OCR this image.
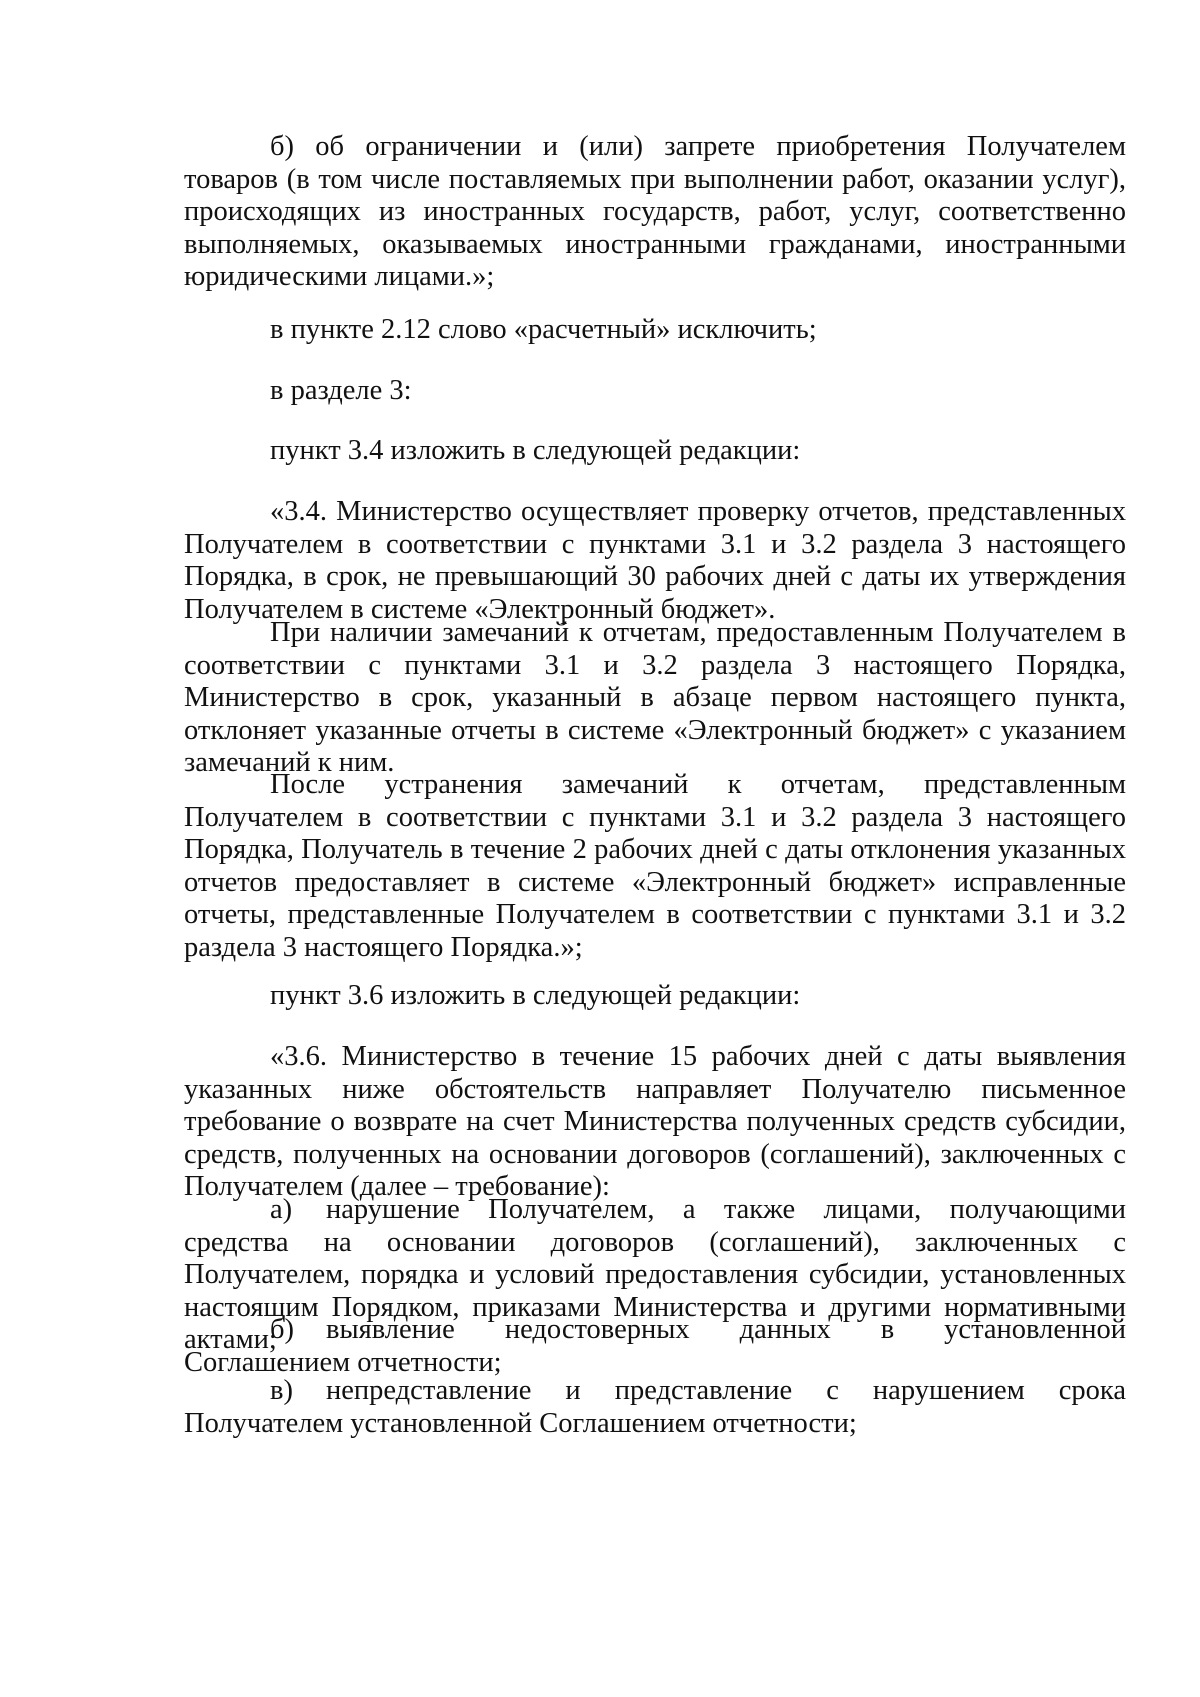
б) об ограничении и (или) запрете приобретения Получателем товаров (в том числе поставляемых при выполнении работ, оказании услуг), происходящих из иностранных государств, работ, услуг, соответственно выполняемых, оказываемых иностранными гражданами, иностранными юридическими лицами.»;

в пункте 2.12 слово «расчетный» исключить;

в разделе 3:

пункт 3.4 изложить в следующей редакции:

«3.4. Министерство осуществляет проверку отчетов, представленных Получателем в соответствии с пунктами 3.1 и 3.2 раздела 3 настоящего Порядка, в срок, не превышающий 30 рабочих дней с даты их утверждения Получателем в системе «Электронный бюджет».

При наличии замечаний к отчетам, предоставленным Получателем в соответствии с пунктами 3.1 и 3.2 раздела 3 настоящего Порядка, Министерство в срок, указанный в абзаце первом настоящего пункта, отклоняет указанные отчеты в системе «Электронный бюджет» с указанием замечаний к ним.

После устранения замечаний к отчетам, представленным Получателем в соответствии с пунктами 3.1 и 3.2 раздела 3 настоящего Порядка, Получатель в течение 2 рабочих дней с даты отклонения указанных отчетов предоставляет в системе «Электронный бюджет» исправленные отчеты, представленные Получателем в соответствии с пунктами 3.1 и 3.2 раздела 3 настоящего Порядка.»;

пункт 3.6 изложить в следующей редакции:

«3.6. Министерство в течение 15 рабочих дней с даты выявления указанных ниже обстоятельств направляет Получателю письменное требование о возврате на счет Министерства полученных средств субсидии, средств, полученных на основании договоров (соглашений), заключенных с Получателем (далее – требование):

а) нарушение Получателем, а также лицами, получающими средства на основании договоров (соглашений), заключенных с Получателем, порядка и условий предоставления субсидии, установленных настоящим Порядком, приказами Министерства и другими нормативными актами;

б) выявление недостоверных данных в установленной Соглашением отчетности;

в) непредставление и представление с нарушением срока Получателем установленной Соглашением отчетности;
